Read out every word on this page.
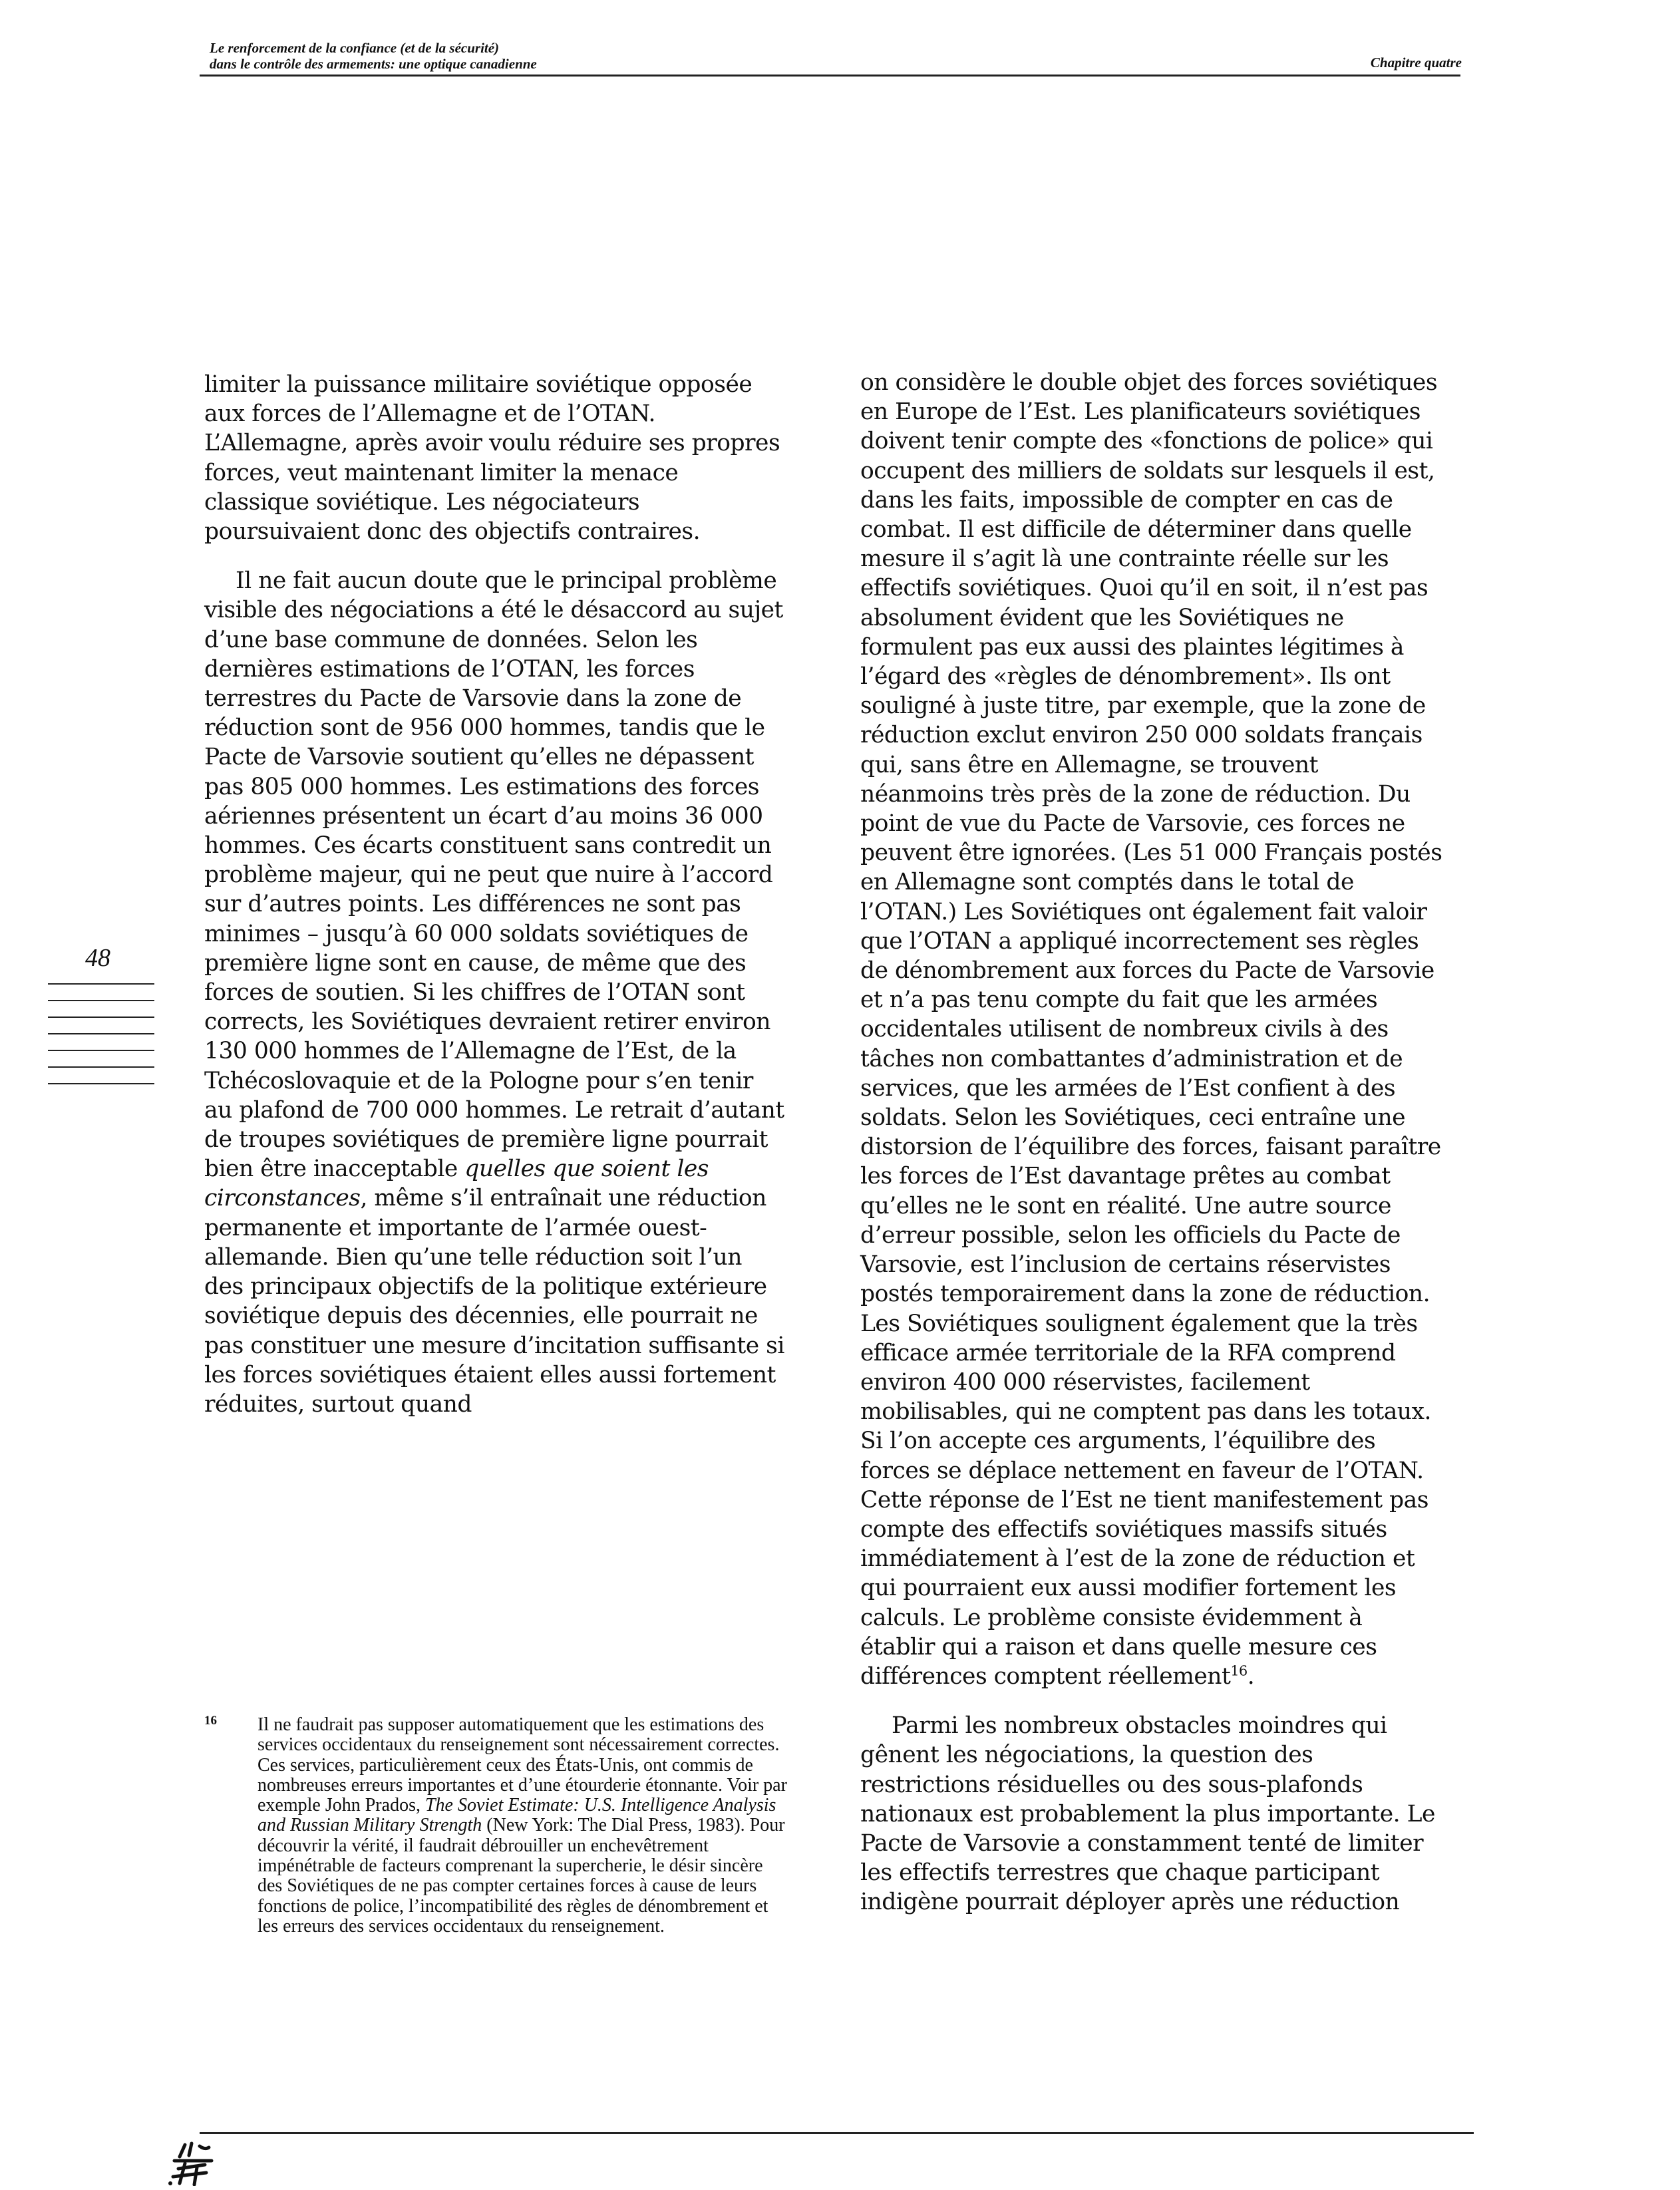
Le renforcement de la confiance (et de la sécurité)
dans le contrôle des armements: une optique canadienne	Chapitre quatre

limiter la puissance militaire soviétique opposée aux forces de l’Allemagne et de l’OTAN. L’Allemagne, après avoir voulu réduire ses propres forces, veut maintenant limiter la menace classique soviétique. Les négociateurs poursuivaient donc des objectifs contraires.

Il ne fait aucun doute que le principal problème visible des négociations a été le désaccord au sujet d’une base commune de données. Selon les dernières estimations de l’OTAN, les forces terrestres du Pacte de Varsovie dans la zone de réduction sont de 956 000 hommes, tandis que le Pacte de Varsovie soutient qu’elles ne dépassent pas 805 000 hommes. Les estimations des forces aériennes présentent un écart d’au moins 36 000 hommes. Ces écarts constituent sans contredit un problème majeur, qui ne peut que nuire à l’accord sur d’autres points. Les différences ne sont pas minimes – jusqu’à 60 000 soldats soviétiques de première ligne sont en cause, de même que des forces de soutien. Si les chiffres de l’OTAN sont corrects, les Soviétiques devraient retirer environ 130 000 hommes de l’Allemagne de l’Est, de la Tchécoslovaquie et de la Pologne pour s’en tenir au plafond de 700 000 hommes. Le retrait d’autant de troupes soviétiques de première ligne pourrait bien être inacceptable quelles que soient les circonstances, même s’il entraînait une réduction permanente et importante de l’armée ouest-allemande. Bien qu’une telle réduction soit l’un des principaux objectifs de la politique extérieure soviétique depuis des décennies, elle pourrait ne pas constituer une mesure d’incitation suffisante si les forces soviétiques étaient elles aussi fortement réduites, surtout quand

48

on considère le double objet des forces soviétiques en Europe de l’Est. Les planificateurs soviétiques doivent tenir compte des «fonctions de police» qui occupent des milliers de soldats sur lesquels il est, dans les faits, impossible de compter en cas de combat. Il est difficile de déterminer dans quelle mesure il s’agit là une contrainte réelle sur les effectifs soviétiques. Quoi qu’il en soit, il n’est pas absolument évident que les Soviétiques ne formulent pas eux aussi des plaintes légitimes à l’égard des «règles de dénombrement». Ils ont souligné à juste titre, par exemple, que la zone de réduction exclut environ 250 000 soldats français qui, sans être en Allemagne, se trouvent néanmoins très près de la zone de réduction. Du point de vue du Pacte de Varsovie, ces forces ne peuvent être ignorées. (Les 51 000 Français postés en Allemagne sont comptés dans le total de l’OTAN.) Les Soviétiques ont également fait valoir que l’OTAN a appliqué incorrectement ses règles de dénombrement aux forces du Pacte de Varsovie et n’a pas tenu compte du fait que les armées occidentales utilisent de nombreux civils à des tâches non combattantes d’administration et de services, que les armées de l’Est confient à des soldats. Selon les Soviétiques, ceci entraîne une distorsion de l’équilibre des forces, faisant paraître les forces de l’Est davantage prêtes au combat qu’elles ne le sont en réalité. Une autre source d’erreur possible, selon les officiels du Pacte de Varsovie, est l’inclusion de certains réservistes postés temporairement dans la zone de réduction. Les Soviétiques soulignent également que la très efficace armée territoriale de la RFA comprend environ 400 000 réservistes, facilement mobilisables, qui ne comptent pas dans les totaux. Si l’on accepte ces arguments, l’équilibre des forces se déplace nettement en faveur de l’OTAN. Cette réponse de l’Est ne tient manifestement pas compte des effectifs soviétiques massifs situés immédiatement à l’est de la zone de réduction et qui pourraient eux aussi modifier fortement les calculs. Le problème consiste évidemment à établir qui a raison et dans quelle mesure ces différences comptent réellement$^{16}$.

Parmi les nombreux obstacles moindres qui gênent les négociations, la question des restrictions résiduelles ou des sous-plafonds nationaux est probablement la plus importante. Le Pacte de Varsovie a constamment tenté de limiter les effectifs terrestres que chaque participant indigène pourrait déployer après une réduction

16 Il ne faudrait pas supposer automatiquement que les estimations des services occidentaux du renseignement sont nécessairement correctes. Ces services, particulièrement ceux des États-Unis, ont commis de nombreuses erreurs importantes et d’une étourderie étonnante. Voir par exemple John Prados, The Soviet Estimate: U.S. Intelligence Analysis and Russian Military Strength (New York: The Dial Press, 1983). Pour découvrir la vérité, il faudrait débrouiller un enchevêtrement impénétrable de facteurs comprenant la supercherie, le désir sincère des Soviétiques de ne pas compter certaines forces à cause de leurs fonctions de police, l’incompatibilité des règles de dénombrement et les erreurs des services occidentaux du renseignement.
